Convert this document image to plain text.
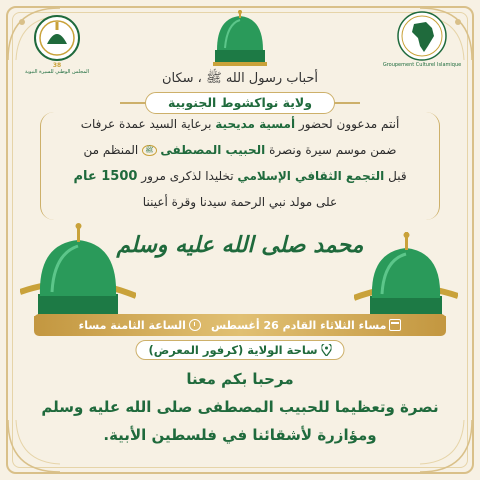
38
المجلس الوطني للسيرة النبوية
Groupement Culturel Islamique
أحباب رسول الله ﷺ ، سكان
ولاية نواكشوط الجنوبية
أنتم مدعوون لحضور أمسية مديحية برعاية السيد عمدة عرفات
ضمن موسم سيرة ونصرة الحبيب المصطفى ﷺ المنظم من
قبل التجمع الثقافي الإسلامي تخليدا لذكرى مرور 1500 عام
على مولد نبي الرحمة سيدنا وقرة أعيننا
محمد صلى الله عليه وسلم
مساء الثلاثاء القادم 26 أغسطس
الساعة الثامنة مساء
ساحة الولاية (كرفور المعرض)
مرحبا بكم معنا
نصرة وتعظيما للحبيب المصطفى صلى الله عليه وسلم
ومؤازرة لأشقائنا في فلسطين الأبية.
